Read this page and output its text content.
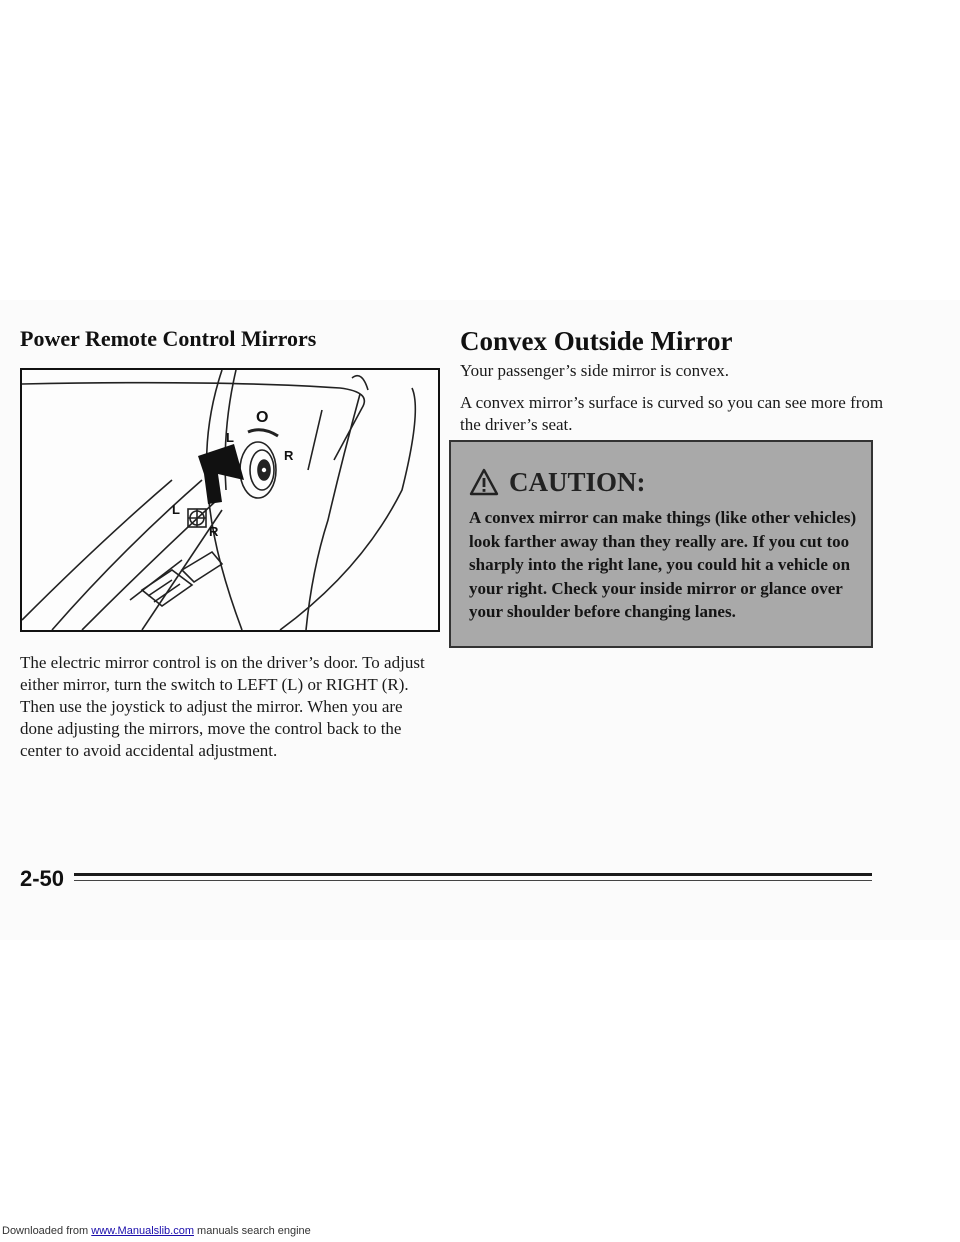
Power Remote Control Mirrors
O
L
R
L
R

The electric mirror control is on the driver’s door. To adjust either mirror, turn the switch to LEFT (L) or RIGHT (R). Then use the joystick to adjust the mirror. When you are done adjusting the mirrors, move the control back to the center to avoid accidental adjustment.

Convex Outside Mirror

Your passenger’s side mirror is convex.

A convex mirror’s surface is curved so you can see more from the driver’s seat.

CAUTION:

A convex mirror can make things (like other vehicles) look farther away than they really are. If you cut too sharply into the right lane, you could hit a vehicle on your right. Check your inside mirror or glance over your shoulder before changing lanes.

2-50
Downloaded from www.Manualslib.com manuals search engine
